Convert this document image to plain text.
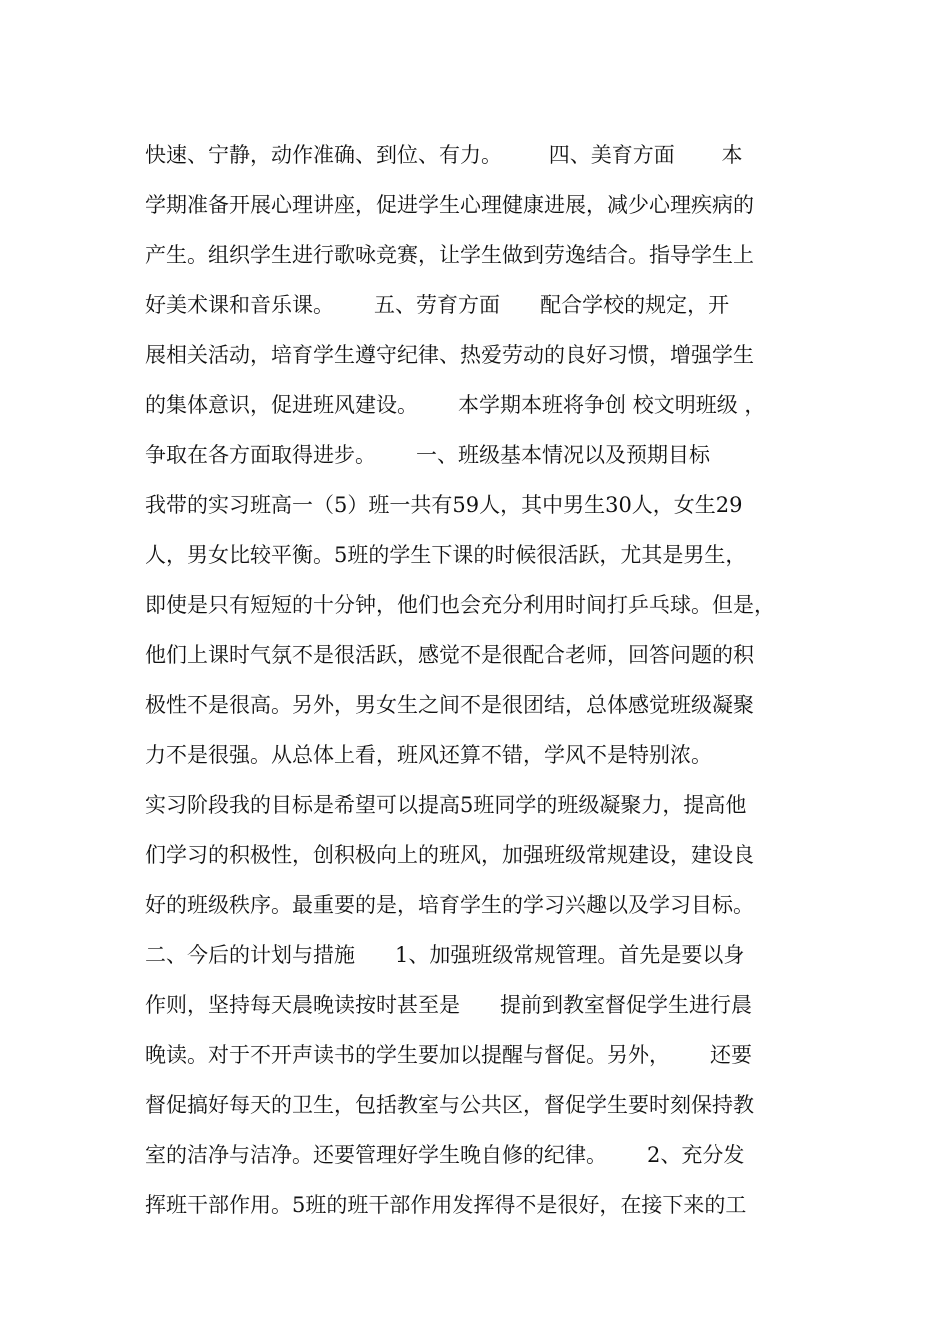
快速、宁静，动作准确、到位、有力。       四、美育方面       本
学期准备开展心理讲座，促进学生心理健康进展，减少心理疾病的
产生。组织学生进行歌咏竞赛，让学生做到劳逸结合。指导学生上
好美术课和音乐课。      五、劳育方面      配合学校的规定，开
展相关活动，培育学生遵守纪律、热爱劳动的良好习惯，增强学生
的集体意识，促进班风建设。      本学期本班将争创 校文明班级 ，
争取在各方面取得进步。      一、班级基本情况以及预期目标
我带的实习班高一（5）班一共有59人，其中男生30人，女生29
人，男女比较平衡。5班的学生下课的时候很活跃，尤其是男生，
即使是只有短短的十分钟，他们也会充分利用时间打乒乓球。但是，
他们上课时气氛不是很活跃，感觉不是很配合老师，回答问题的积
极性不是很高。另外，男女生之间不是很团结，总体感觉班级凝聚
力不是很强。从总体上看，班风还算不错，学风不是特别浓。
实习阶段我的目标是希望可以提高5班同学的班级凝聚力，提高他
们学习的积极性，创积极向上的班风，加强班级常规建设，建设良
好的班级秩序。最重要的是，培育学生的学习兴趣以及学习目标。
二、今后的计划与措施      1、加强班级常规管理。首先是要以身
作则，坚持每天晨晚读按时甚至是      提前到教室督促学生进行晨
晚读。对于不开声读书的学生要加以提醒与督促。另外，      还要
督促搞好每天的卫生，包括教室与公共区，督促学生要时刻保持教
室的洁净与洁净。还要管理好学生晚自修的纪律。      2、充分发
挥班干部作用。5班的班干部作用发挥得不是很好，在接下来的工
